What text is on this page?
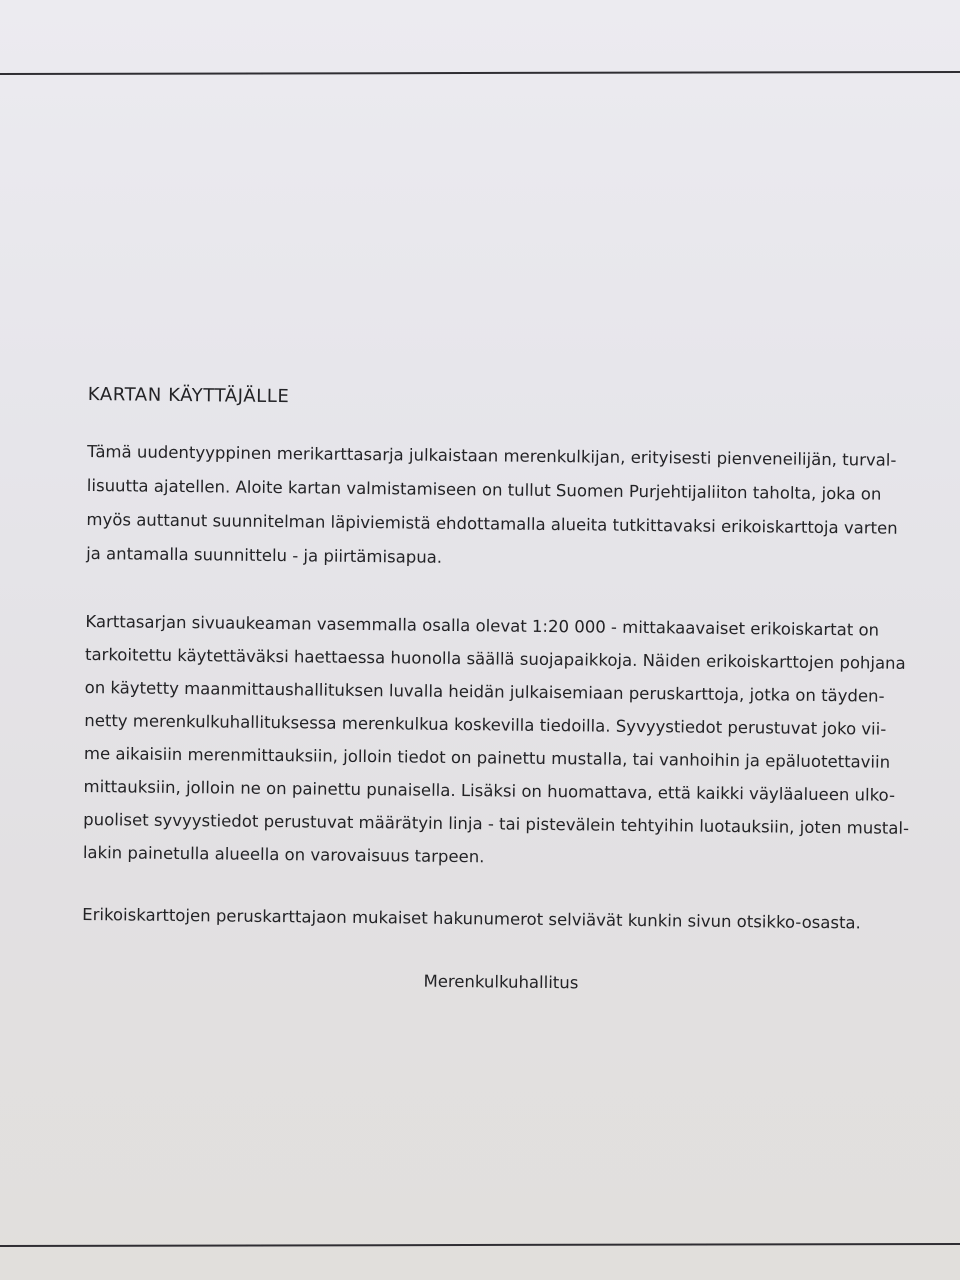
KARTAN KÄYTTÄJÄLLE
Tämä uudentyyppinen merikarttasarja julkaistaan merenkulkijan, erityisesti pienveneilijän, turval-
lisuutta ajatellen. Aloite kartan valmistamiseen on tullut Suomen Purjehtijaliiton taholta, joka on
myös auttanut suunnitelman läpiviemistä ehdottamalla alueita tutkittavaksi erikoiskarttoja varten
ja antamalla suunnittelu - ja piirtämisapua.
Karttasarjan sivuaukeaman vasemmalla osalla olevat 1:20 000 - mittakaavaiset erikoiskartat on
tarkoitettu käytettäväksi haettaessa huonolla säällä suojapaikkoja. Näiden erikoiskarttojen pohjana
on käytetty maanmittaushallituksen luvalla heidän julkaisemiaan peruskarttoja, jotka on täyden-
netty merenkulkuhallituksessa merenkulkua koskevilla tiedoilla. Syvyystiedot perustuvat joko vii-
me aikaisiin merenmittauksiin, jolloin tiedot on painettu mustalla, tai vanhoihin ja epäluotettaviin
mittauksiin, jolloin ne on painettu punaisella. Lisäksi on huomattava, että kaikki väyläalueen ulko-
puoliset syvyystiedot perustuvat määrätyin linja - tai pistevälein tehtyihin luotauksiin, joten mustal-
lakin painetulla alueella on varovaisuus tarpeen.
Erikoiskarttojen peruskarttajaon mukaiset hakunumerot selviävät kunkin sivun otsikko-osasta.
Merenkulkuhallitus
